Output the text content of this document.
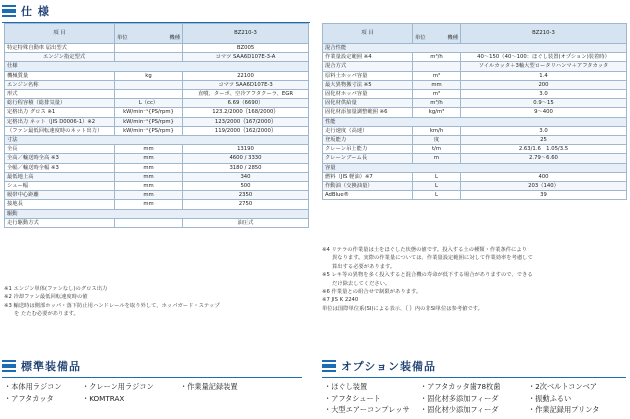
仕 様
項 目	単位 機種	BZ210-3
特定特殊自動車 届出型式		BZ005
エンジン指定型式		コマツ SAA6D107E-3-A
仕様		
機械質量	kg	22100
エンジン名称		コマツ SAA6D107E-3
形式		直噴、ターボ、空冷アフタクーラ、EGR
総行程容積（総排気量）	L（cc）	6.69（6690）
定格出力 グロス ※1	kW/min⁻¹{PS/rpm}	123.2/2000｛168/2000｝
定格出力 ネット（JIS D0006-1）※2	kW/min⁻¹{PS/rpm}	123/2000｛167/2000｝
（ファン最低回転速度時のネット出力）	kW/min⁻¹{PS/rpm}	119/2000｛162/2000｝
寸法		
全長	mm	13190
全高／輸送時全高 ※3	mm	4600 / 3330
全幅／輸送時全幅 ※3	mm	3180 / 2850
最低地上高	mm	340
シュー幅	mm	500
履帯中心距離	mm	2350
接地長	mm	2750
駆動		
走行駆動方式		油圧式
※1 エンジン単体(ファンなし)のグロス出力
※2 冷却ファン最低回転速度時の値
※3 輸送時は側部ホッパ・落下防止用ハンドレールを取り外して、ホッパガード・ステップ
を たたむ必要があります。
項 目	単位 機種	BZ210-3
混合性能		
作業量設定範囲 ※4	m³/h	40～150（40～100：ほぐし装置(オプション)装着時）
混合方式		ソイルカッタ＋3軸大型ロータリハンマ＋アフタカッタ
原料土ホッパ容量	m³	1.4
最大異物搬寸法 ※5	mm	200
固化材ホッパ容量	m³	3.0
固化材供給量	m³/h	0.9～15
固化材添加量調整範囲 ※6	kg/m³	9～400
性能		
走行速度（高速）	km/h	3.0
登坂能力	度	25
クレーン吊上能力	t/m	2.63/1.6　1.05/3.5
クレーンブーム長	m	2.79～6.60
容量		
燃料（JIS 軽油）※7	L	400
作動油（交換油量）	L	203（140）
AdBlue®	L	39
※4 リテラの作業量は土をほぐした状態の値です。投入する土の種類・作業条件により
異なります。実際の作業量については、作業量設定範囲に対して作業効率を考慮して
算出する必要があります。
※5 レキ等の異物を多く投入すると混合機の寿命が低下する場合がありますので、できる
だけ除去してください。
※6 作業量との組合せで制限があります。
※7 JIS K 2240
単位は国際単位系(SI)による表示、｛ ｝内の非SI単位は参考値です。
標準装備品
・本体用ラジコン
・アフタカッタ
・クレーン用ラジコン
・KOMTRAX
・作業量記録装置
オプション装備品
・ほぐし装置
・アフタシュート
・大型エアーコンプレッサ
・アフタカッタ歯78枚歯
・固化材多添加フィーダ
・固化材少添加フィーダ
・2次ベルトコンベア
・振動ふるい
・作業記録用プリンタ
